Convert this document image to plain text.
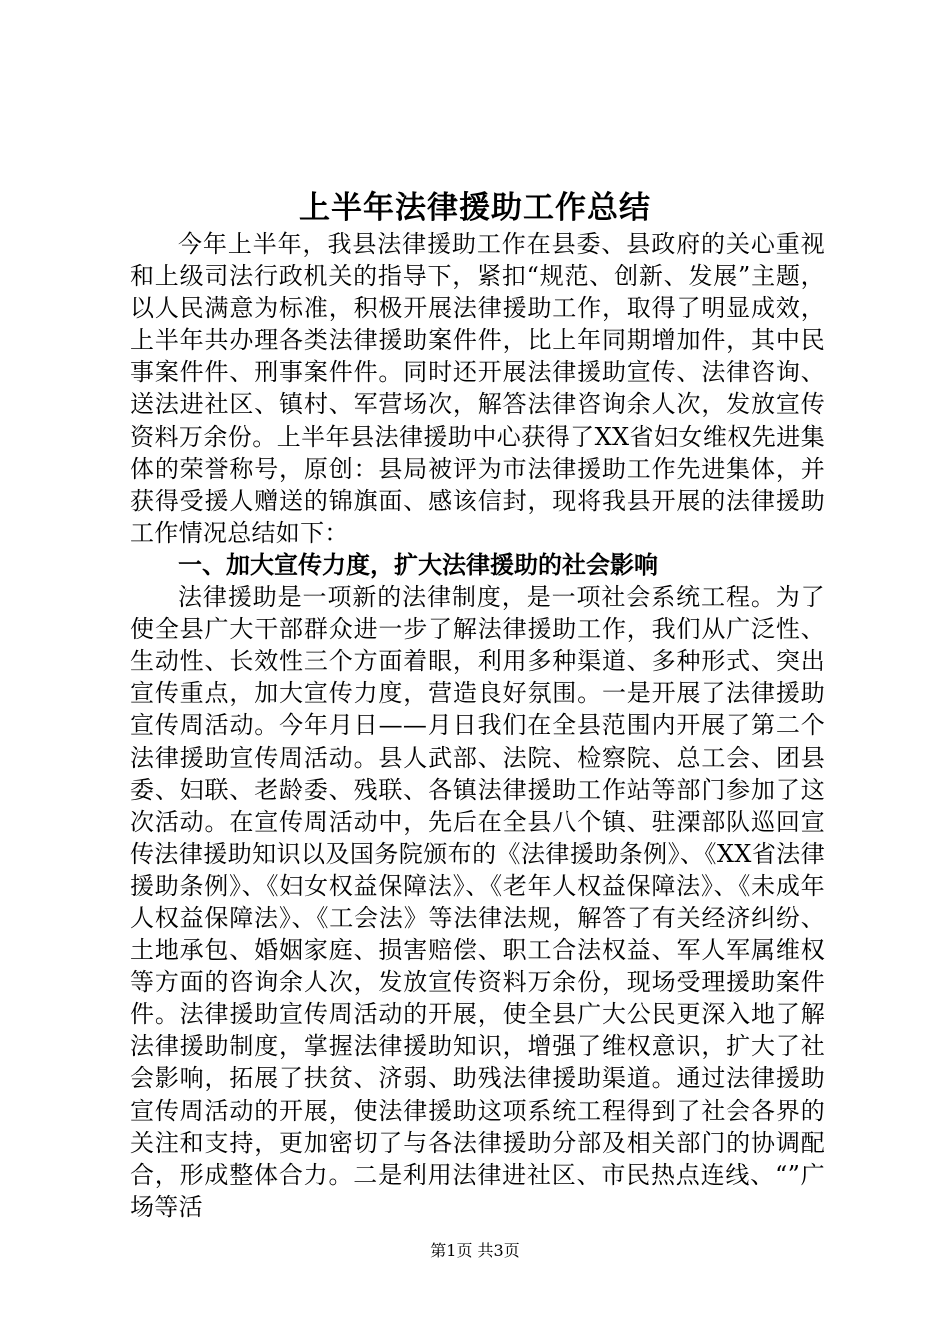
上半年法律援助工作总结

今年上半年，我县法律援助工作在县委、县政府的关心重视和上级司法行政机关的指导下，紧扣“规范、创新、发展”主题，以人民满意为标准，积极开展法律援助工作，取得了明显成效，上半年共办理各类法律援助案件件，比上年同期增加件，其中民事案件件、刑事案件件。同时还开展法律援助宣传、法律咨询、送法进社区、镇村、军营场次，解答法律咨询余人次，发放宣传资料万余份。上半年县法律援助中心获得了XX省妇女维权先进集体的荣誉称号，原创：县局被评为市法律援助工作先进集体，并获得受援人赠送的锦旗面、感该信封，现将我县开展的法律援助工作情况总结如下：

一、加大宣传力度，扩大法律援助的社会影响

法律援助是一项新的法律制度，是一项社会系统工程。为了使全县广大干部群众进一步了解法律援助工作，我们从广泛性、生动性、长效性三个方面着眼，利用多种渠道、多种形式、突出宣传重点，加大宣传力度，营造良好氛围。一是开展了法律援助宣传周活动。今年月日——月日我们在全县范围内开展了第二个法律援助宣传周活动。县人武部、法院、检察院、总工会、团县委、妇联、老龄委、残联、各镇法律援助工作站等部门参加了这次活动。在宣传周活动中，先后在全县八个镇、驻溧部队巡回宣传法律援助知识以及国务院颁布的《法律援助条例》、《XX省法律援助条例》、《妇女权益保障法》、《老年人权益保障法》、《未成年人权益保障法》、《工会法》等法律法规，解答了有关经济纠纷、土地承包、婚姻家庭、损害赔偿、职工合法权益、军人军属维权等方面的咨询余人次，发放宣传资料万余份，现场受理援助案件件。法律援助宣传周活动的开展，使全县广大公民更深入地了解法律援助制度，掌握法律援助知识，增强了维权意识，扩大了社会影响，拓展了扶贫、济弱、助残法律援助渠道。通过法律援助宣传周活动的开展，使法律援助这项系统工程得到了社会各界的关注和支持，更加密切了与各法律援助分部及相关部门的协调配合，形成整体合力。二是利用法律进社区、市民热点连线、“”广场等活

第1页 共3页
